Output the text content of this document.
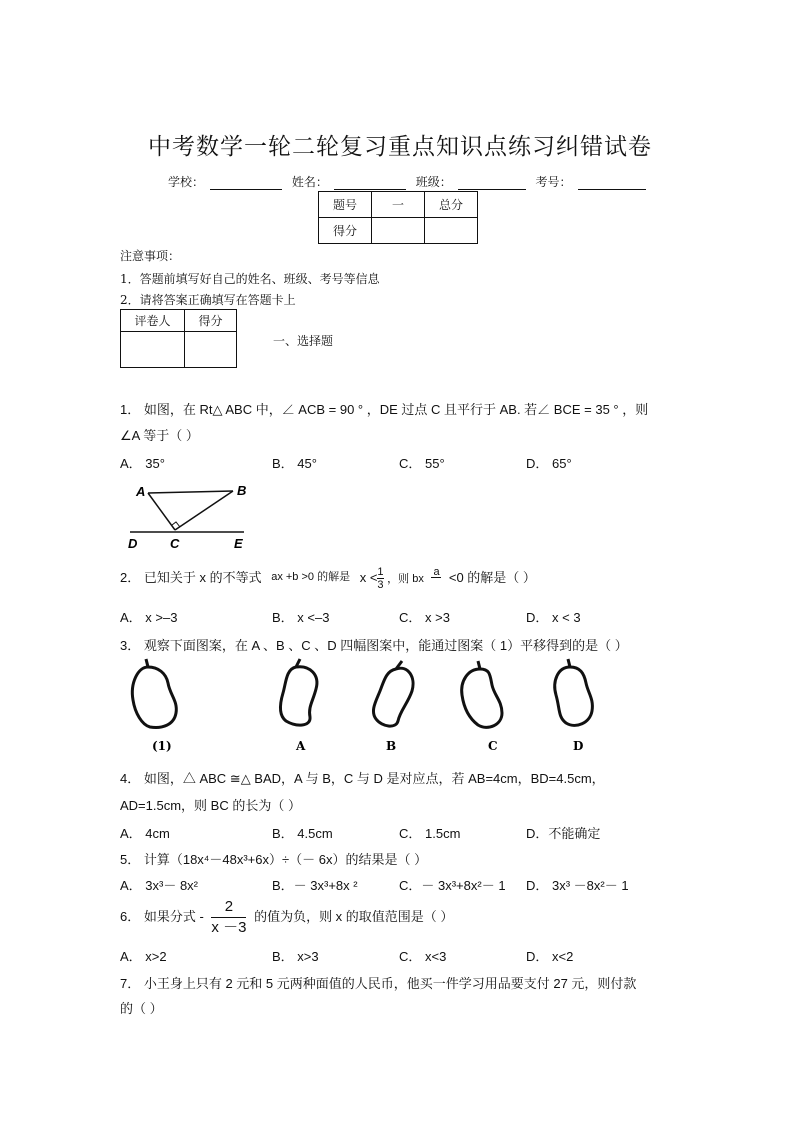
中考数学一轮二轮复习重点知识点练习纠错试卷
学校：	姓名：	班级：	考号：
题号	一	总分
得分		
注意事项：
1．答题前填写好自己的姓名、班级、考号等信息
2．请将答案正确填写在答题卡上
评卷人	得分

一、选择题
1． 如图，在 Rt△ ABC 中，∠ ACB = 90 ° ，DE 过点 C 且平行于 AB. 若∠ BCE = 35 ° ，则
∠A 等于（ ）
A． 35°	B． 45°	C． 55°	D． 65°
A	B
C
D	E
2． 已知关于 x 的不等式 ax +b >0 的解是 $x < \frac{1}{3}$ ，则 bx $^a$ <0 的解是（ ）
A． x >–3	B． x <–3	C． x >3	D． x < 3
3． 观察下面图案，在 A 、B 、C 、D 四幅图案中，能通过图案（ 1）平移得到的是（ ）
(1)	A	B	C	D
4． 如图，△ ABC ≅△ BAD，A 与 B，C 与 D 是对应点，若 AB=4cm，BD=4.5cm，
AD=1.5cm，则 BC 的长为（ ）
A． 4cm	B． 4.5cm	C． 1.5cm	D．不能确定
5． 计算（18x⁴－48x³+6x）÷（－ 6x）的结果是（ ）
A． 3x³－ 8x²	B．－ 3x³+8x ²	C．－ 3x³+8x²－ 1 D． 3x³ －8x²－ 1
6． 如果分式 - $\frac{2}{x -3}$ 的值为负，则 x 的取值范围是（ ）
A． x>2	B． x>3	C． x<3	D． x<2
7． 小王身上只有 2 元和 5 元两种面值的人民币，他买一件学习用品要支付 27 元，则付款
的（ ）
